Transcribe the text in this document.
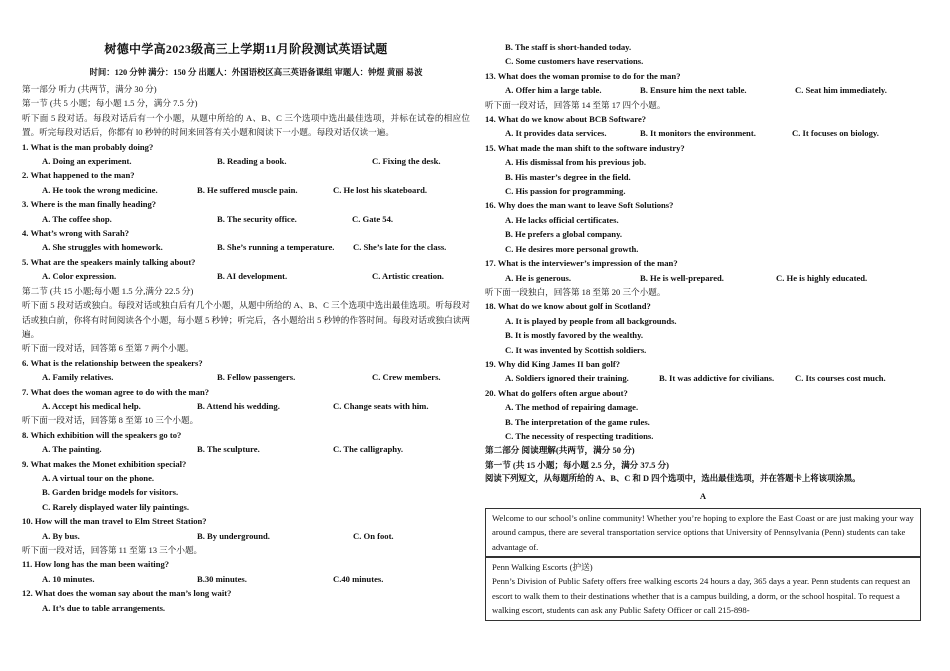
树德中学高2023级高三上学期11月阶段测试英语试题
时间：120 分钟 满分：150 分 出题人：外国语校区高三英语备课组 审题人：钟煜 黄丽 易波
第一部分 听力 (共两节，满分 30 分)
第一节 (共 5 小题；每小题 1.5 分，满分 7.5 分)
听下面 5 段对话。每段对话后有一个小题，从题中所给的 A、B、C 三个选项中选出最佳选项，并标在试卷的相应位置。听完每段对话后，你都有 l0 秒钟的时间来回答有关小题和阅读下一小题。每段对话仅读一遍。
1. What is the man probably doing?
A. Doing an experiment.	B. Reading a book.	C. Fixing the desk.
2. What happened to the man?
A. He took the wrong medicine.	B. He suffered muscle pain.	C. He lost his skateboard.
3. Where is the man finally heading?
A. The coffee shop.	B. The security office.	C. Gate 54.
4. What’s wrong with Sarah?
A. She struggles with homework.	B. She’s running a temperature.	C. She’s late for the class.
5. What are the speakers mainly talking about?
A. Color expression.	B. AI development.	C. Artistic creation.
第二节 (共 15 小题;每小题 1.5 分,满分 22.5 分)
听下面 5 段对话或独白。每段对话或独白后有几个小题，从题中所给的 A、B、C 三个选项中选出最佳选项。听每段对话或独白前，你将有时间阅读各个小题，每小题 5 秒钟；听完后，各小题给出 5 秒钟的作答时间。每段对话或独白读两遍。
听下面一段对话，回答第 6 至第 7 两个小题。
6. What is the relationship between the speakers?
A. Family relatives.	B. Fellow passengers.	C. Crew members.
7. What does the woman agree to do with the man?
A. Accept his medical help.	B. Attend his wedding.	C. Change seats with him.
听下面一段对话，回答第 8 至第 10 三个小题。
8. Which exhibition will the speakers go to?
A. The painting.	B. The sculpture.	C. The calligraphy.
9. What makes the Monet exhibition special?
A. A virtual tour on the phone.
B. Garden bridge models for visitors.
C. Rarely displayed water lily paintings.
10. How will the man travel to Elm Street Station?
A. By bus.	B. By underground.	C. On foot.
听下面一段对话，回答第 11 至第 13 三个小题。
11. How long has the man been waiting?
A. 10 minutes.	B.30 minutes.	C.40 minutes.
12. What does the woman say about the man’s long wait?
A. It’s due to table arrangements.
B. The staff is short-handed today.
C. Some customers have reservations.
13. What does the woman promise to do for the man?
A. Offer him a large table.	B. Ensure him the next table.	C. Seat him immediately.
听下面一段对话，回答第 14 至第 17 四个小题。
14. What do we know about BCB Software?
A. It provides data services.	B. It monitors the environment.	C. It focuses on biology.
15. What made the man shift to the software industry?
A. His dismissal from his previous job.
B. His master’s degree in the field.
C. His passion for programming.
16. Why does the man want to leave Soft Solutions?
A. He lacks official certificates.
B. He prefers a global company.
C. He desires more personal growth.
17. What is the interviewer’s impression of the man?
A. He is generous.	B. He is well-prepared.	C. He is highly educated.
听下面一段独白，回答第 18 至第 20 三个小题。
18. What do we know about golf in Scotland?
A. It is played by people from all backgrounds.
B. It is mostly favored by the wealthy.
C. It was invented by Scottish soldiers.
19. Why did King James II ban golf?
A. Soldiers ignored their training.	B. It was addictive for civilians.	C. Its courses cost much.
20. What do golfers often argue about?
A. The method of repairing damage.
B. The interpretation of the game rules.
C. The necessity of respecting traditions.
第二部分 阅读理解(共两节，满分 50 分)
第一节 (共 15 小题；每小题 2.5 分，满分 37.5 分)
阅读下列短文，从每题所给的 A、B、C 和 D 四个选项中，选出最佳选项，并在答题卡上将该项涂黑。
A
Welcome to our school’s online community! Whether you’re hoping to explore the East Coast or are just making your way around campus, there are several transportation service options that University of Pennsylvania (Penn) students can take advantage of.
Penn Walking Escorts (护送)
Penn’s Division of Public Safety offers free walking escorts 24 hours a day, 365 days a year. Penn students can request an escort to walk them to their destinations whether that is a campus building, a dorm, or the school hospital. To request a walking escort, students can ask any Public Safety Officer or call 215-898-
